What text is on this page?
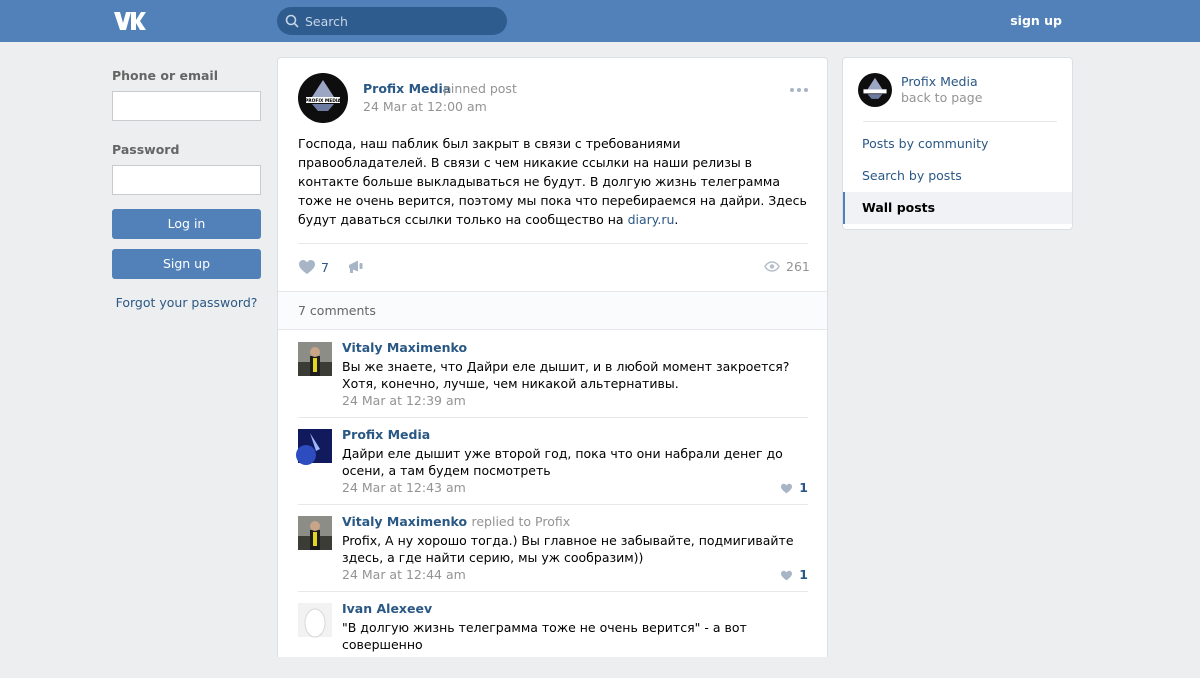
Search
sign up
Phone or email
Password
Log in
Sign up
Forgot your password?
PROFIX MEDIA
Profix Media
pinned post
24 Mar at 12:00 am
Господа, наш паблик был закрыт в связи с требованиями правообладателей. В связи с чем никакие ссылки на наши релизы в контакте больше выкладываться не будут. В долгую жизнь телеграмма тоже не очень верится, поэтому мы пока что перебираемся на дайри. Здесь будут даваться ссылки только на сообщество на diary.ru.
7	261
7 comments
Vitaly Maximenko
Вы же знаете, что Дайри еле дышит, и в любой момент закроется? Хотя, конечно, лучше, чем никакой альтернативы.
24 Mar at 12:39 am
Profix Media
Дайри еле дышит уже второй год, пока что они набрали денег до осени, а там будем посмотреть
24 Mar at 12:43 am	1
Vitaly Maximenko replied to Profix
Profix, А ну хорошо тогда.) Вы главное не забывайте, подмигивайте здесь, а где найти серию, мы уж сообразим))
24 Mar at 12:44 am	1
Ivan Alexeev
"В долгую жизнь телеграмма тоже не очень верится" - а вот совершенно
Profix Media
back to page
Posts by community
Search by posts
Wall posts
